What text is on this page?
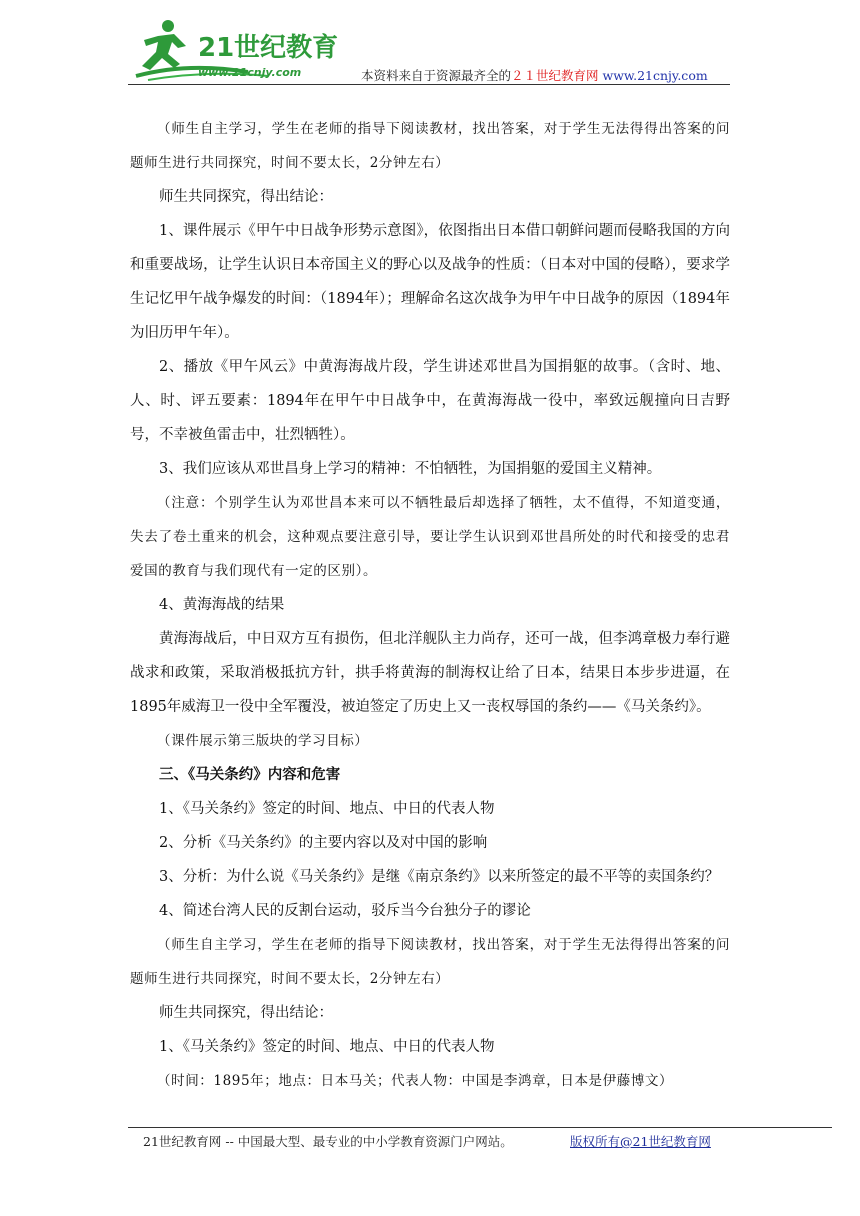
21世纪教育
www.21cnjy.com	本资料来自于资源最齐全的２１世纪教育网 www.21cnjy.com

（师生自主学习，学生在老师的指导下阅读教材，找出答案，对于学生无法得得出答案的问题师生进行共同探究，时间不要太长，2分钟左右）

师生共同探究，得出结论：

1、课件展示《甲午中日战争形势示意图》，依图指出日本借口朝鲜问题而侵略我国的方向和重要战场，让学生认识日本帝国主义的野心以及战争的性质：（日本对中国的侵略），要求学生记忆甲午战争爆发的时间：（1894年）；理解命名这次战争为甲午中日战争的原因（1894年为旧历甲午年）。

2、播放《甲午风云》中黄海海战片段，学生讲述邓世昌为国捐躯的故事。（含时、地、人、时、评五要素：1894年在甲午中日战争中，在黄海海战一役中，率致远舰撞向日吉野号，不幸被鱼雷击中，壮烈牺牲）。

3、我们应该从邓世昌身上学习的精神：不怕牺牲，为国捐躯的爱国主义精神。

（注意：个别学生认为邓世昌本来可以不牺牲最后却选择了牺牲，太不值得，不知道变通，失去了卷土重来的机会，这种观点要注意引导，要让学生认识到邓世昌所处的时代和接受的忠君爱国的教育与我们现代有一定的区别）。

4、黄海海战的结果

黄海海战后，中日双方互有损伤，但北洋舰队主力尚存，还可一战，但李鸿章极力奉行避战求和政策，采取消极抵抗方针，拱手将黄海的制海权让给了日本，结果日本步步进逼，在1895年威海卫一役中全军覆没，被迫签定了历史上又一丧权辱国的条约——《马关条约》。

（课件展示第三版块的学习目标）

三、《马关条约》内容和危害

1、《马关条约》签定的时间、地点、中日的代表人物

2、分析《马关条约》的主要内容以及对中国的影响

3、分析：为什么说《马关条约》是继《南京条约》以来所签定的最不平等的卖国条约？

4、简述台湾人民的反割台运动，驳斥当今台独分子的谬论

（师生自主学习，学生在老师的指导下阅读教材，找出答案，对于学生无法得得出答案的问题师生进行共同探究，时间不要太长，2分钟左右）

师生共同探究，得出结论：

1、《马关条约》签定的时间、地点、中日的代表人物

（时间：1895年；地点：日本马关；代表人物：中国是李鸿章，日本是伊藤博文）

21世纪教育网 -- 中国最大型、最专业的中小学教育资源门户网站。	版权所有@21世纪教育网
